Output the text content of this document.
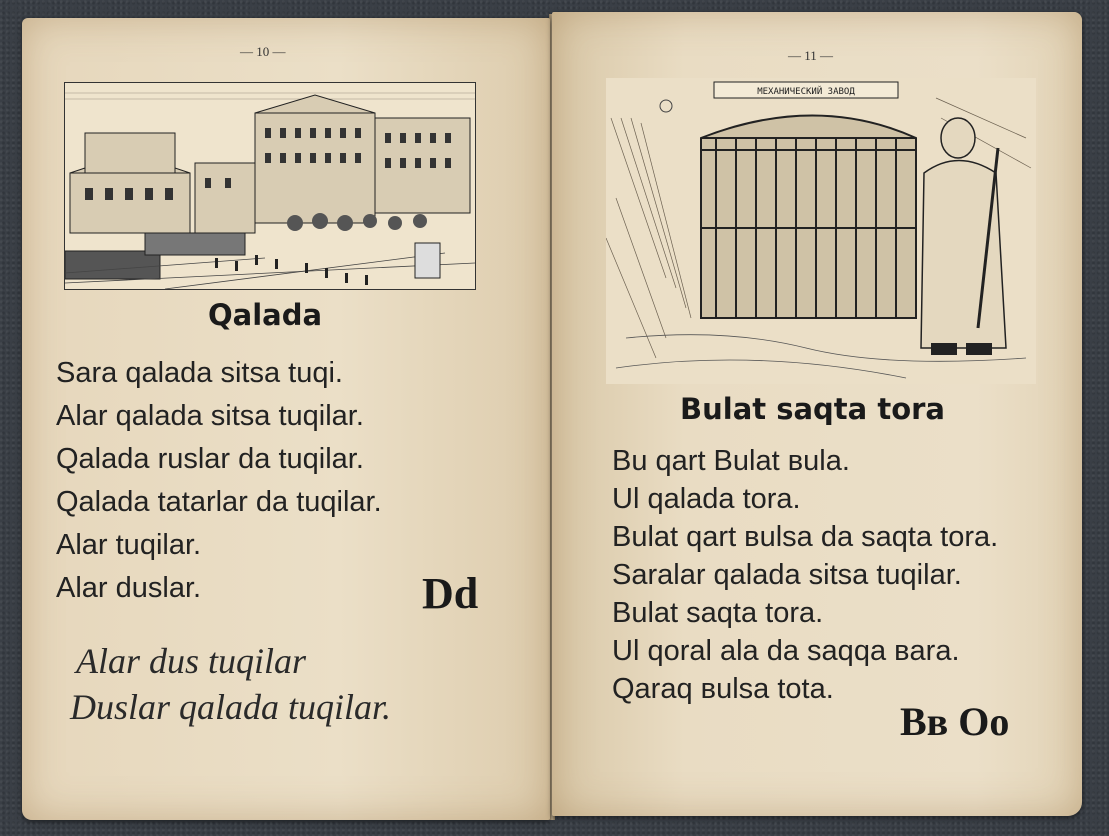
— 10 —
Qalada
Sara qalada sitsa tuqi.
Alar qalada sitsa tuqilar.
Qalada ruslar da tuqilar.
Qalada tatarlar da tuqilar.
Alar tuqilar.
Alar duslar.	Dd
Alar dus tuqilar
Duslar qalada tuqilar.
— 11 —
МЕХАНИЧЕСКИЙ ЗАВОД
Bulat saqta tora
Bu qart Bulat вula.
Ul qalada tora.
Bulat qart вulsa da saqta tora.
Saralar qalada sitsa tuqilar.
Bulat saqta tora.
Ul qoral ala da saqqa вara.
Qaraq вulsa tota.
Вв Oo
